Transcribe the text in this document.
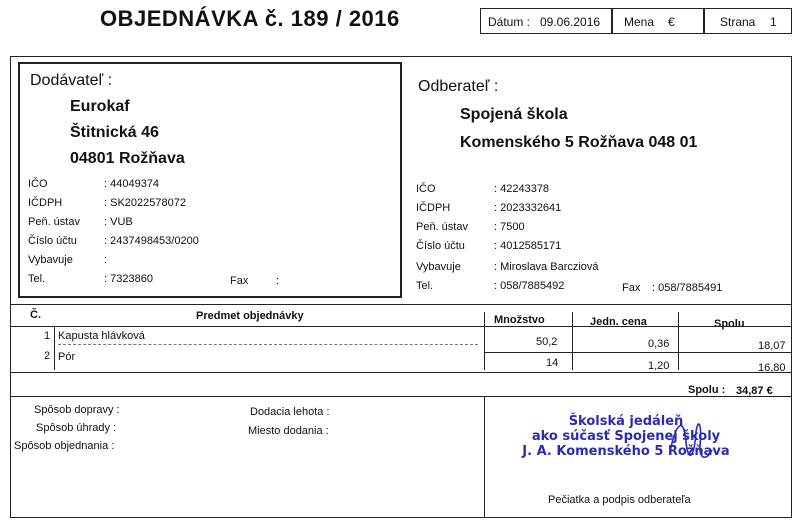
OBJEDNÁVKA č. 189 / 2016	Dátum : 09.06.2016 Mena €	Strana 1
Dodávateľ :
Eurokaf
Štitnická 46
04801 Rožňava
IČO	: 44049374
IČDPH	: SK2022578072
Peň. ústav : VUB
Číslo účtu : 2437498453/0200
Vybavuje	:
Tel.	: 7323860	Fax	:
Odberateľ :
Spojená škola
Komenského 5 Rožňava 048 01
IČO	: 42243378
IČDPH	: 2023332641
Peň. ústav : 7500
Číslo účtu	: 4012585171
Vybavuje	: Miroslava Barcziová
Tel.	: 058/7885492	Fax : 058/7885491
Č.	Predmet objednávky	Množstvo	Jedn. cena	Spolu
1 Kapusta hlávková	50,2	0,36	18,07
2 Pór	14	1,20	16,80
Spolu : 34,87 €
Spôsob dopravy :
Spôsob úhrady :
Spôsob objednania :
Dodacia lehota :
Miesto dodania :
Školská jedáleň
ako súčasť Spojenej školy
J. A. Komenského 5 Rožňava
Pečiatka a podpis odberateľa
